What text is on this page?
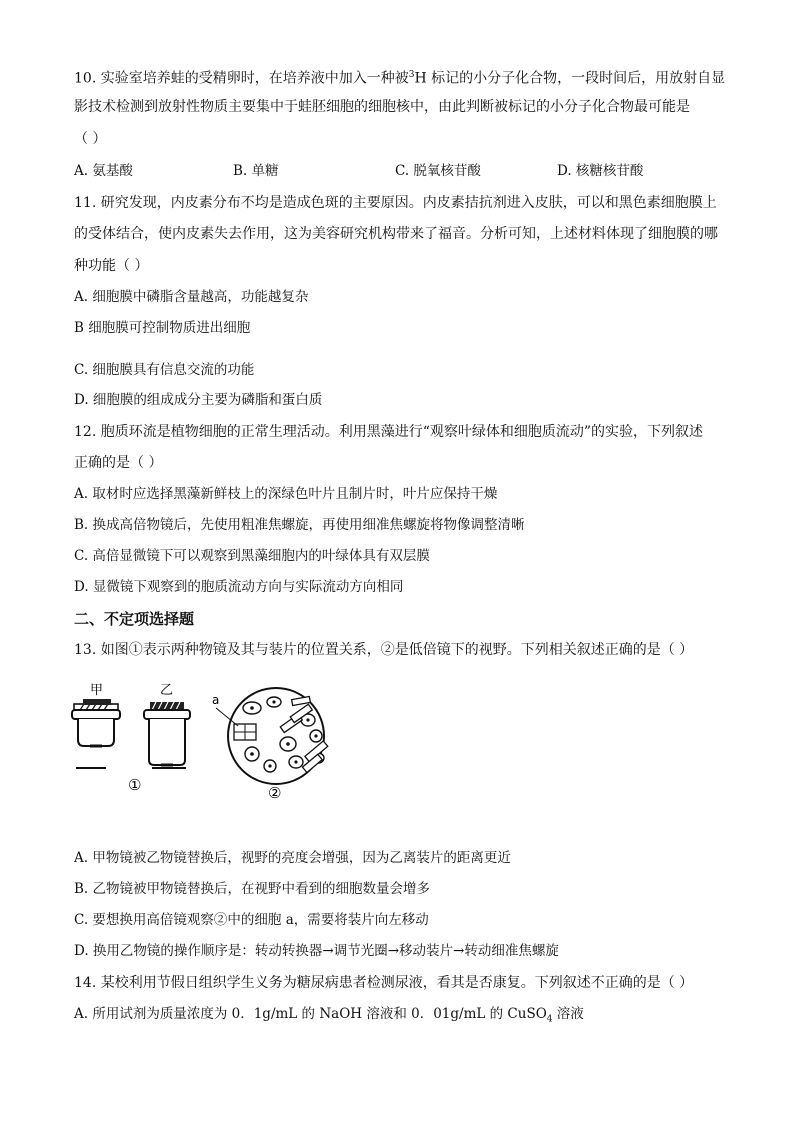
10. 实验室培养蛙的受精卵时，在培养液中加入一种被$^3$H 标记的小分子化合物，一段时间后，用放射自显
影技术检测到放射性物质主要集中于蛙胚细胞的细胞核中，由此判断被标记的小分子化合物最可能是
（ ）
A. 氨基酸	B. 单糖	C. 脱氧核苷酸	D. 核糖核苷酸
11. 研究发现，内皮素分布不均是造成色斑的主要原因。内皮素拮抗剂进入皮肤，可以和黑色素细胞膜上
的受体结合，使内皮素失去作用，这为美容研究机构带来了福音。分析可知，上述材料体现了细胞膜的哪
种功能（ ）
A. 细胞膜中磷脂含量越高，功能越复杂
B 细胞膜可控制物质进出细胞
C. 细胞膜具有信息交流的功能
D. 细胞膜的组成成分主要为磷脂和蛋白质
12. 胞质环流是植物细胞的正常生理活动。利用黑藻进行“观察叶绿体和细胞质流动”的实验，下列叙述
正确的是（ ）
A. 取材时应选择黑藻新鲜枝上的深绿色叶片且制片时，叶片应保持干燥
B. 换成高倍物镜后，先使用粗准焦螺旋，再使用细准焦螺旋将物像调整清晰
C. 高倍显微镜下可以观察到黑藻细胞内的叶绿体具有双层膜
D. 显微镜下观察到的胞质流动方向与实际流动方向相同
二、不定项选择题
13. 如图①表示两种物镜及其与装片的位置关系，②是低倍镜下的视野。下列相关叙述正确的是（ ）
甲	乙
①
a
②
A. 甲物镜被乙物镜替换后，视野的亮度会增强，因为乙离装片的距离更近
B. 乙物镜被甲物镜替换后，在视野中看到的细胞数量会增多
C. 要想换用高倍镜观察②中的细胞 a，需要将装片向左移动
D. 换用乙物镜的操作顺序是：转动转换器→调节光圈→移动装片→转动细准焦螺旋
14. 某校利用节假日组织学生义务为糖尿病患者检测尿液，看其是否康复。下列叙述不正确的是（ ）
A. 所用试剂为质量浓度为 0．1g/mL 的 NaOH 溶液和 0．01g/mL 的 CuSO$_4$ 溶液
